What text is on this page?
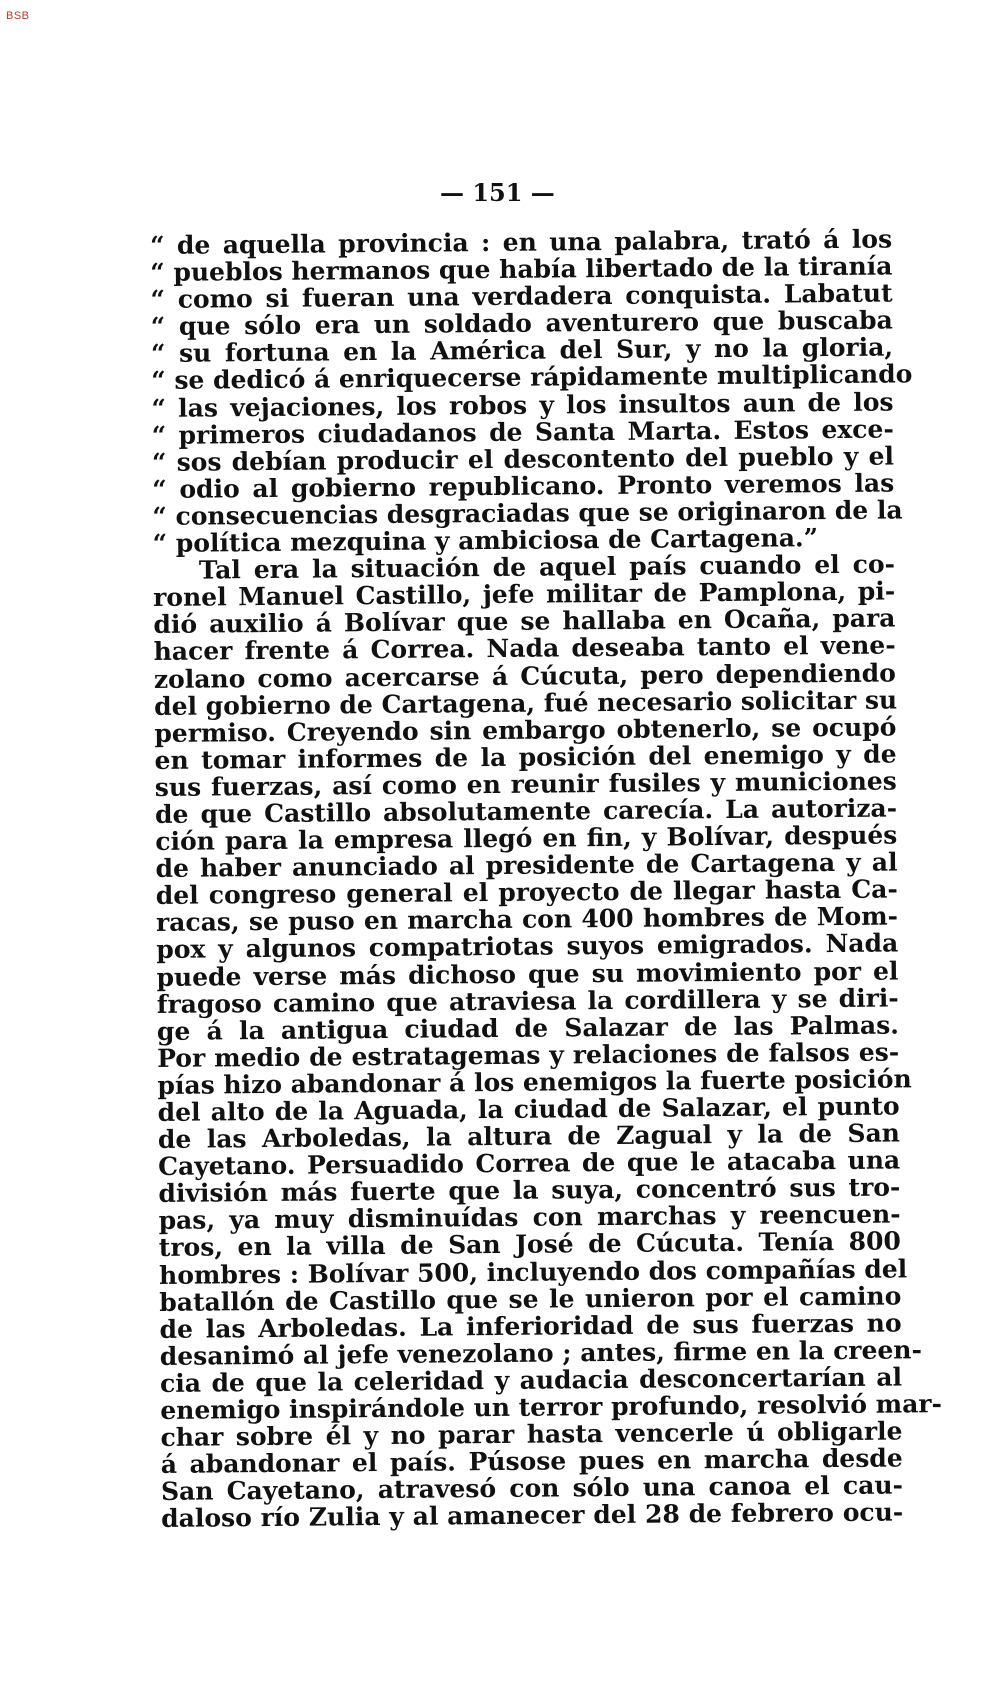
BSB
— 151 —
“ de aquella provincia : en una palabra, trató á los
“ pueblos hermanos que había libertado de la tiranía
“ como si fueran una verdadera conquista. Labatut
“ que sólo era un soldado aventurero que buscaba
“ su fortuna en la América del Sur, y no la gloria,
“ se dedicó á enriquecerse rápidamente multiplicando
“ las vejaciones, los robos y los insultos aun de los
“ primeros ciudadanos de Santa Marta. Estos exce-
“ sos debían producir el descontento del pueblo y el
“ odio al gobierno republicano. Pronto veremos las
“ consecuencias desgraciadas que se originaron de la
“ política mezquina y ambiciosa de Cartagena.”
Tal era la situación de aquel país cuando el co-
ronel Manuel Castillo, jefe militar de Pamplona, pi-
dió auxilio á Bolívar que se hallaba en Ocaña, para
hacer frente á Correa. Nada deseaba tanto el vene-
zolano como acercarse á Cúcuta, pero dependiendo
del gobierno de Cartagena, fué necesario solicitar su
permiso. Creyendo sin embargo obtenerlo, se ocupó
en tomar informes de la posición del enemigo y de
sus fuerzas, así como en reunir fusiles y municiones
de que Castillo absolutamente carecía. La autoriza-
ción para la empresa llegó en fin, y Bolívar, después
de haber anunciado al presidente de Cartagena y al
del congreso general el proyecto de llegar hasta Ca-
racas, se puso en marcha con 400 hombres de Mom-
pox y algunos compatriotas suyos emigrados. Nada
puede verse más dichoso que su movimiento por el
fragoso camino que atraviesa la cordillera y se diri-
ge á la antigua ciudad de Salazar de las Palmas.
Por medio de estratagemas y relaciones de falsos es-
pías hizo abandonar á los enemigos la fuerte posición
del alto de la Aguada, la ciudad de Salazar, el punto
de las Arboledas, la altura de Zagual y la de San
Cayetano. Persuadido Correa de que le atacaba una
división más fuerte que la suya, concentró sus tro-
pas, ya muy disminuídas con marchas y reencuen-
tros, en la villa de San José de Cúcuta. Tenía 800
hombres : Bolívar 500, incluyendo dos compañías del
batallón de Castillo que se le unieron por el camino
de las Arboledas. La inferioridad de sus fuerzas no
desanimó al jefe venezolano ; antes, firme en la creen-
cia de que la celeridad y audacia desconcertarían al
enemigo inspirándole un terror profundo, resolvió mar-
char sobre él y no parar hasta vencerle ú obligarle
á abandonar el país. Púsose pues en marcha desde
San Cayetano, atravesó con sólo una canoa el cau-
daloso río Zulia y al amanecer del 28 de febrero ocu-
